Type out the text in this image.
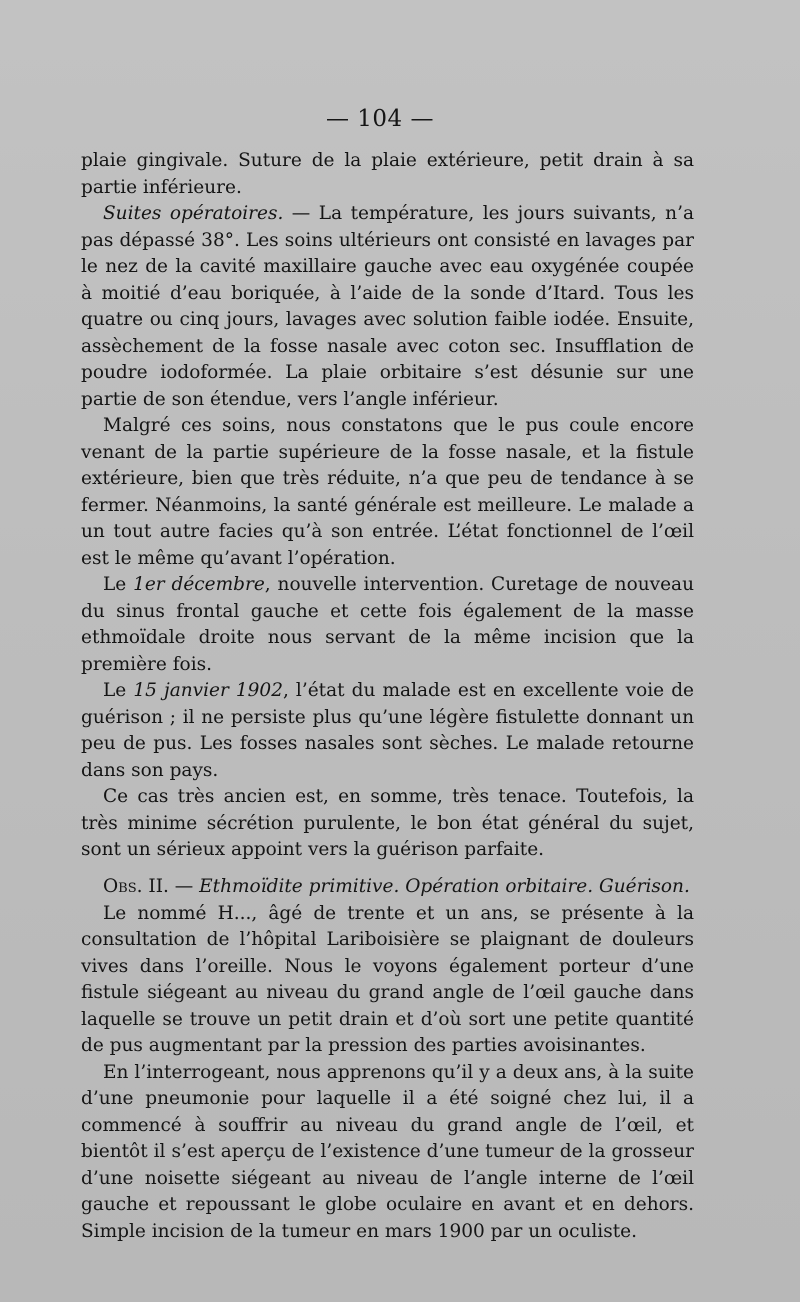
— 104 —

plaie gingivale. Suture de la plaie extérieure, petit drain à sa partie inférieure.

Suites opératoires. — La température, les jours suivants, n’a pas dépassé 38°. Les soins ultérieurs ont consisté en lavages par le nez de la cavité maxillaire gauche avec eau oxygénée coupée à moitié d’eau boriquée, à l’aide de la sonde d’Itard. Tous les quatre ou cinq jours, lavages avec solution faible iodée. Ensuite, assèchement de la fosse nasale avec coton sec. Insufflation de poudre iodoformée. La plaie orbitaire s’est désunie sur une partie de son étendue, vers l’angle inférieur.

Malgré ces soins, nous constatons que le pus coule encore venant de la partie supérieure de la fosse nasale, et la fistule extérieure, bien que très réduite, n’a que peu de tendance à se fermer. Néanmoins, la santé générale est meilleure. Le malade a un tout autre facies qu’à son entrée. L’état fonctionnel de l’œil est le même qu’avant l’opération.

Le 1er décembre, nouvelle intervention. Curetage de nouveau du sinus frontal gauche et cette fois également de la masse ethmoïdale droite nous servant de la même incision que la première fois.

Le 15 janvier 1902, l’état du malade est en excellente voie de guérison ; il ne persiste plus qu’une légère fistulette donnant un peu de pus. Les fosses nasales sont sèches. Le malade retourne dans son pays.

Ce cas très ancien est, en somme, très tenace. Toutefois, la très minime sécrétion purulente, le bon état général du sujet, sont un sérieux appoint vers la guérison parfaite.

Obs. II. — Ethmoïdite primitive. Opération orbitaire. Guérison.

Le nommé H..., âgé de trente et un ans, se présente à la consultation de l’hôpital Lariboisière se plaignant de douleurs vives dans l’oreille. Nous le voyons également porteur d’une fistule siégeant au niveau du grand angle de l’œil gauche dans laquelle se trouve un petit drain et d’où sort une petite quantité de pus augmentant par la pression des parties avoisinantes.

En l’interrogeant, nous apprenons qu’il y a deux ans, à la suite d’une pneumonie pour laquelle il a été soigné chez lui, il a commencé à souffrir au niveau du grand angle de l’œil, et bientôt il s’est aperçu de l’existence d’une tumeur de la grosseur d’une noisette siégeant au niveau de l’angle interne de l’œil gauche et repoussant le globe oculaire en avant et en dehors. Simple incision de la tumeur en mars 1900 par un oculiste.
